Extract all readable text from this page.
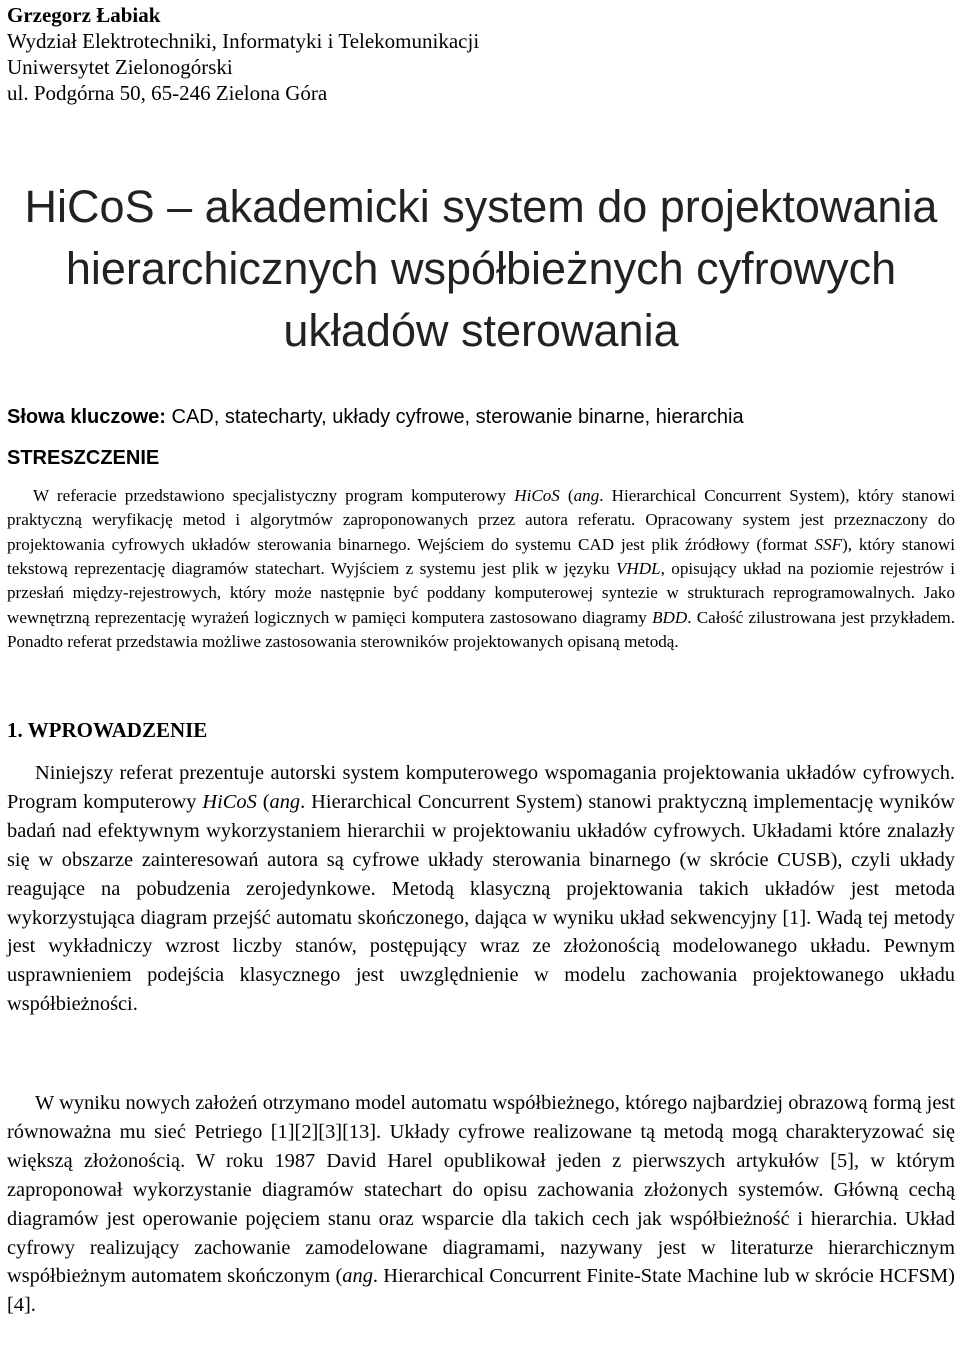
Grzegorz Łabiak
Wydział Elektrotechniki, Informatyki i Telekomunikacji
Uniwersytet Zielonogórski
ul. Podgórna 50, 65-246 Zielona Góra
HiCoS – akademicki system do projektowania
hierarchicznych współbieżnych cyfrowych
układów sterowania
Słowa kluczowe: CAD, statecharty, układy cyfrowe, sterowanie binarne, hierarchia
STRESZCZENIE

W referacie przedstawiono specjalistyczny program komputerowy HiCoS (ang. Hierarchical Concurrent System), który stanowi praktyczną weryfikację metod i algorytmów zaproponowanych przez autora referatu. Opracowany system jest przeznaczony do projektowania cyfrowych układów sterowania binarnego. Wejściem do systemu CAD jest plik źródłowy (format SSF), który stanowi tekstową reprezentację diagramów statechart. Wyjściem z systemu jest plik w języku VHDL, opisujący układ na poziomie rejestrów i przesłań między-rejestrowych, który może następnie być poddany komputerowej syntezie w strukturach reprogramowalnych. Jako wewnętrzną reprezentację wyrażeń logicznych w pamięci komputera zastosowano diagramy BDD. Całość zilustrowana jest przykładem. Ponadto referat przedstawia możliwe zastosowania sterowników projektowanych opisaną metodą.

1. WPROWADZENIE

Niniejszy referat prezentuje autorski system komputerowego wspomagania projektowania układów cyfrowych. Program komputerowy HiCoS (ang. Hierarchical Concurrent System) stanowi praktyczną implementację wyników badań nad efektywnym wykorzystaniem hierarchii w projektowaniu układów cyfrowych. Układami które znalazły się w obszarze zainteresowań autora są cyfrowe układy sterowania binarnego (w skrócie CUSB), czyli układy reagujące na pobudzenia zerojedynkowe. Metodą klasyczną projektowania takich układów jest metoda wykorzystująca diagram przejść automatu skończonego, dająca w wyniku układ sekwencyjny [1]. Wadą tej metody jest wykładniczy wzrost liczby stanów, postępujący wraz ze złożonością modelowanego układu. Pewnym usprawnieniem podejścia klasycznego jest uwzględnienie w modelu zachowania projektowanego układu współbieżności.

W wyniku nowych założeń otrzymano model automatu współbieżnego, którego najbardziej obrazową formą jest równoważna mu sieć Petriego [1][2][3][13]. Układy cyfrowe realizowane tą metodą mogą charakteryzować się większą złożonością. W roku 1987 David Harel opublikował jeden z pierwszych artykułów [5], w którym zaproponował wykorzystanie diagramów statechart do opisu zachowania złożonych systemów. Główną cechą diagramów jest operowanie pojęciem stanu oraz wsparcie dla takich cech jak współbieżność i hierarchia. Układ cyfrowy realizujący zachowanie zamodelowane diagramami, nazywany jest w literaturze hierarchicznym współbieżnym automatem skończonym (ang. Hierarchical Concurrent Finite-State Machine lub w skrócie HCFSM) [4].
